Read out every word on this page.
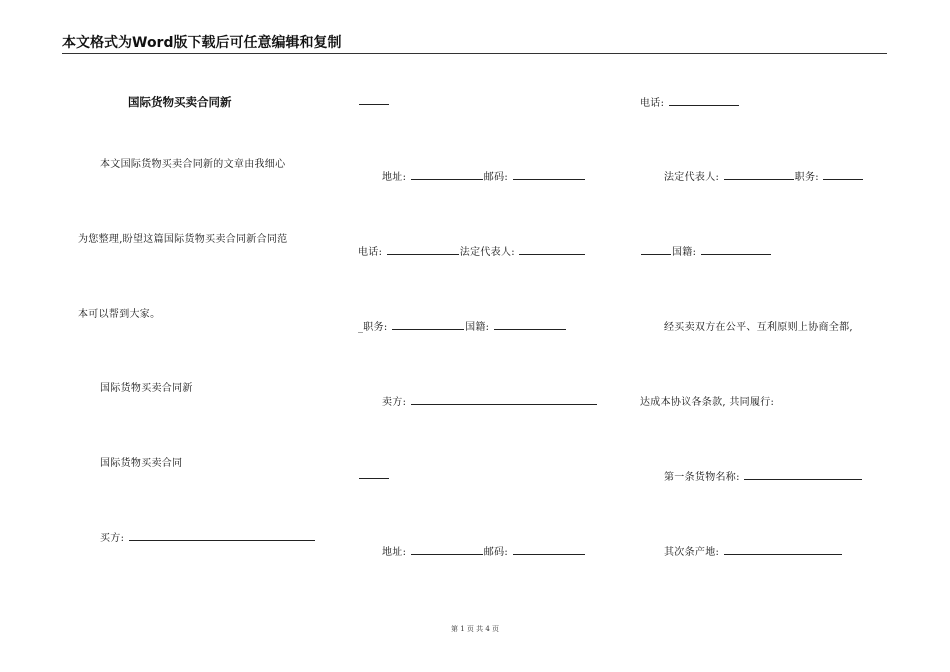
本文格式为Word版下载后可任意编辑和复制
国际货物买卖合同新
本文国际货物买卖合同新的文章由我细心
为您整理,盼望这篇国际货物买卖合同新合同范
本可以帮到大家。
国际货物买卖合同新
国际货物买卖合同
买方:
地址:	邮码:
电话:	法定代表人:
_职务:	国籍:
卖方:
地址:	邮码:
电话:
法定代表人:	职务:
国籍:
经买卖双方在公平、互利原则上协商全都,
达成本协议各条款, 共同履行:
第一条货物名称:
其次条产地:
第 1 页 共 4 页
